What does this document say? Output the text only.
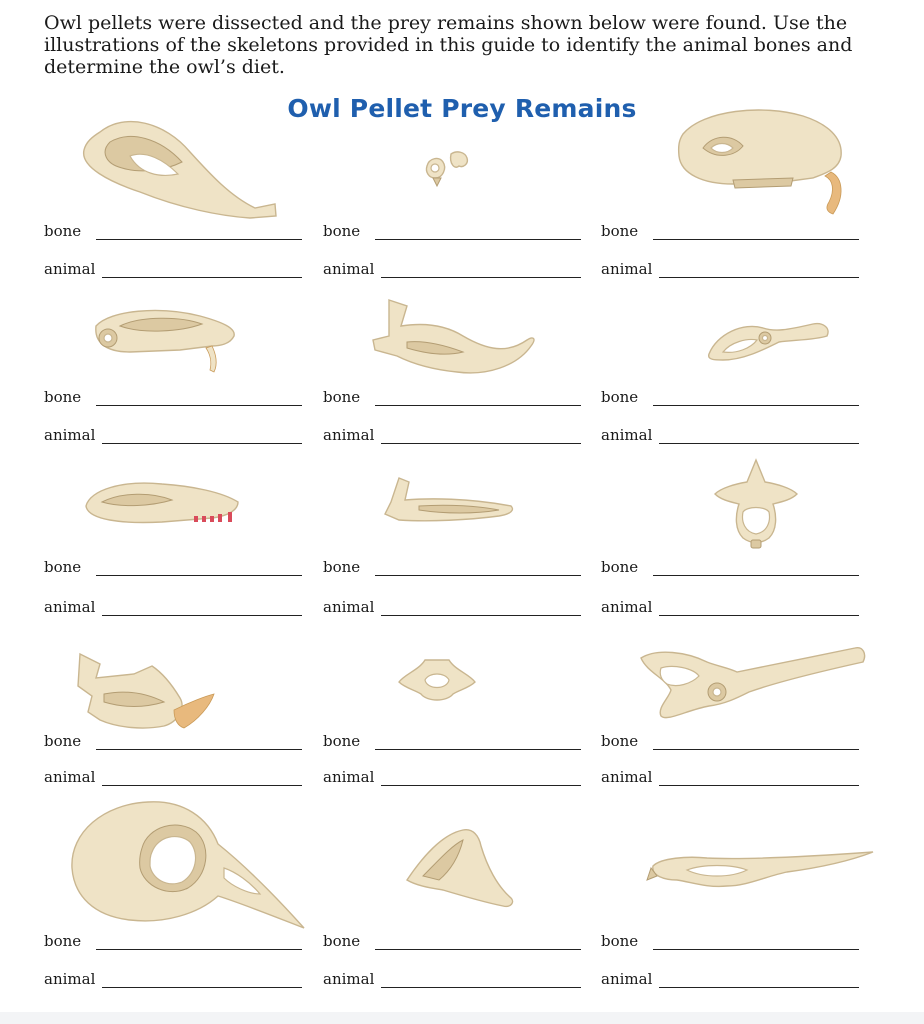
Owl pellets were dissected and the prey remains shown below were found. Use the illustrations of the skeletons provided in this guide to identify the animal bones and determine the owl’s diet.

Owl Pellet Prey Remains
bone
animal
bone
animal
bone
animal
bone
animal
bone
animal
bone
animal
bone
animal
bone
animal
bone
animal
bone
animal
bone
animal
bone
animal
bone
animal
bone
animal
bone
animal
